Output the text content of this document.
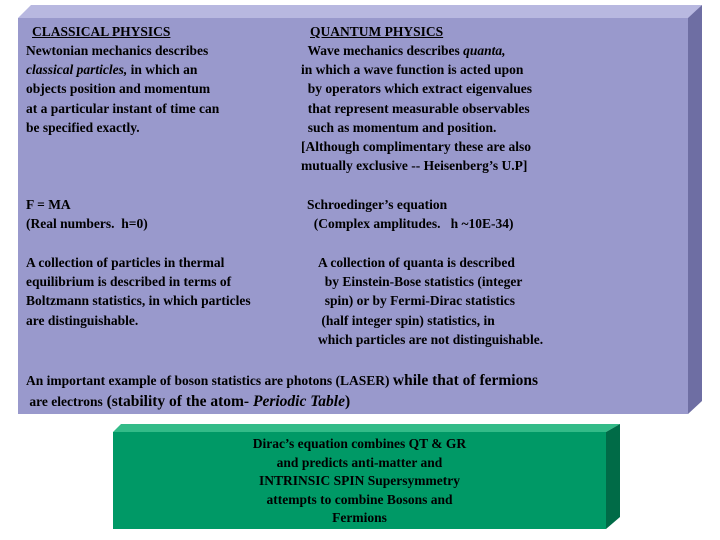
CLASSICAL PHYSICS	QUANTUM PHYSICS
Newtonian mechanics describes
classical particles, in which an
objects position and momentum
at a particular instant of time can
be specified exactly.
Wave mechanics describes quanta,
in which a wave function is acted upon
by operators which extract eigenvalues
that represent measurable observables
such as momentum and position.
[Although complimentary these are also
mutually exclusive -- Heisenberg’s U.P]
F = MA
(Real numbers.  h=0)
Schroedinger’s equation
(Complex amplitudes.   h ~10E-34)
A collection of particles in thermal
equilibrium is described in terms of
Boltzmann statistics, in which particles
are distinguishable.
A collection of quanta is described
by Einstein-Bose statistics (integer
spin) or by Fermi-Dirac statistics
(half integer spin) statistics, in
which particles are not distinguishable.
An important example of boson statistics are photons (LASER) while that of fermions
are electrons (stability of the atom- Periodic Table)
Dirac’s equation combines QT & GR
and predicts anti-matter and
INTRINSIC SPIN Supersymmetry
attempts to combine Bosons and
Fermions
